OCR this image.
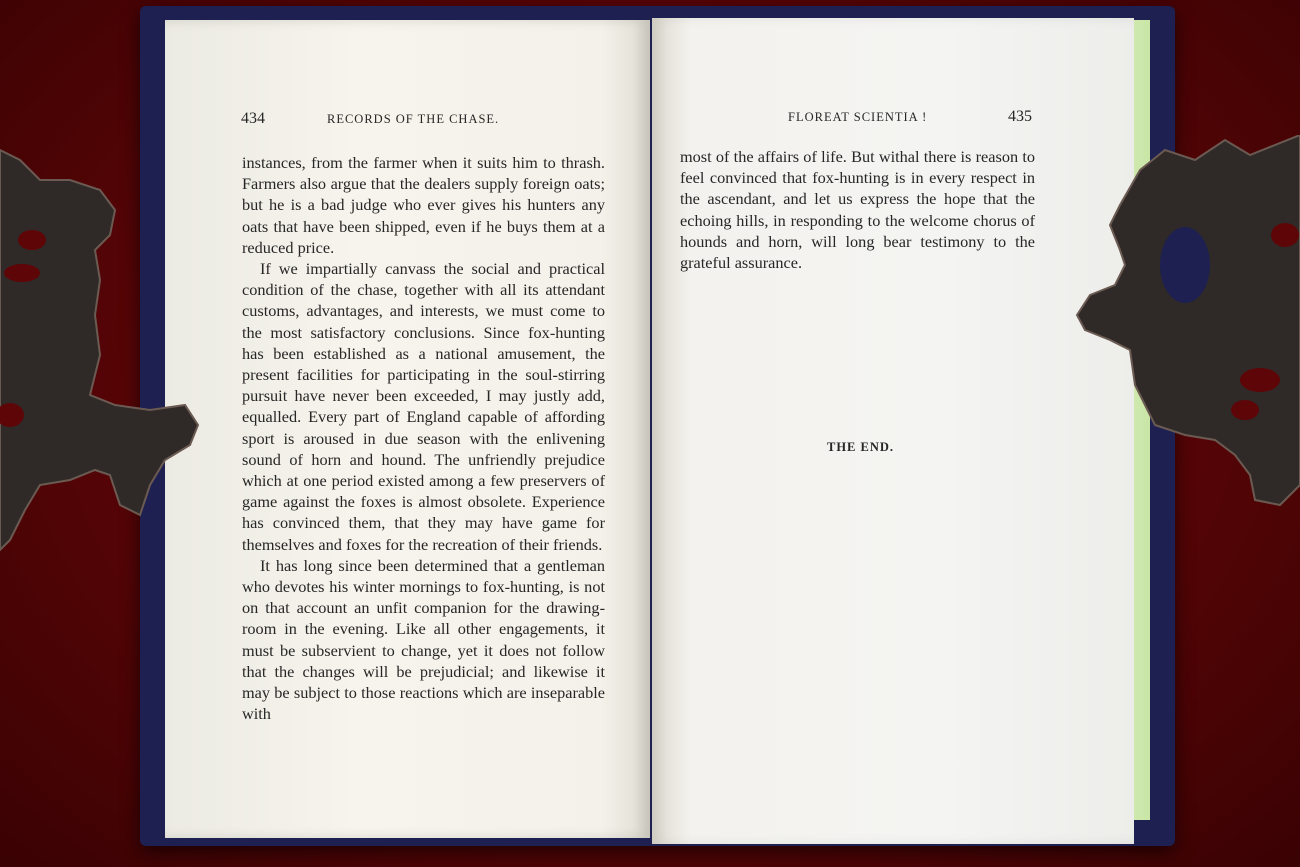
434	RECORDS OF THE CHASE.

instances, from the farmer when it suits him to thrash. Farmers also argue that the dealers supply foreign oats; but he is a bad judge who ever gives his hunters any oats that have been shipped, even if he buys them at a reduced price.

If we impartially canvass the social and practical condition of the chase, together with all its attendant customs, advantages, and interests, we must come to the most satisfactory conclusions. Since fox-hunting has been established as a national amusement, the present facilities for participating in the soul-stirring pursuit have never been exceeded, I may justly add, equalled. Every part of England capable of affording sport is aroused in due season with the enlivening sound of horn and hound. The unfriendly prejudice which at one period existed among a few preservers of game against the foxes is almost obsolete. Experience has convinced them, that they may have game for themselves and foxes for the recreation of their friends.

It has long since been determined that a gentleman who devotes his winter mornings to fox-hunting, is not on that account an unfit companion for the drawing-room in the evening. Like all other engagements, it must be subservient to change, yet it does not follow that the changes will be prejudicial; and likewise it may be subject to those reactions which are inseparable with

FLOREAT SCIENTIA !	435

most of the affairs of life. But withal there is reason to feel convinced that fox-hunting is in every respect in the ascendant, and let us express the hope that the echoing hills, in responding to the welcome chorus of hounds and horn, will long bear testimony to the grateful assurance.

THE END.
